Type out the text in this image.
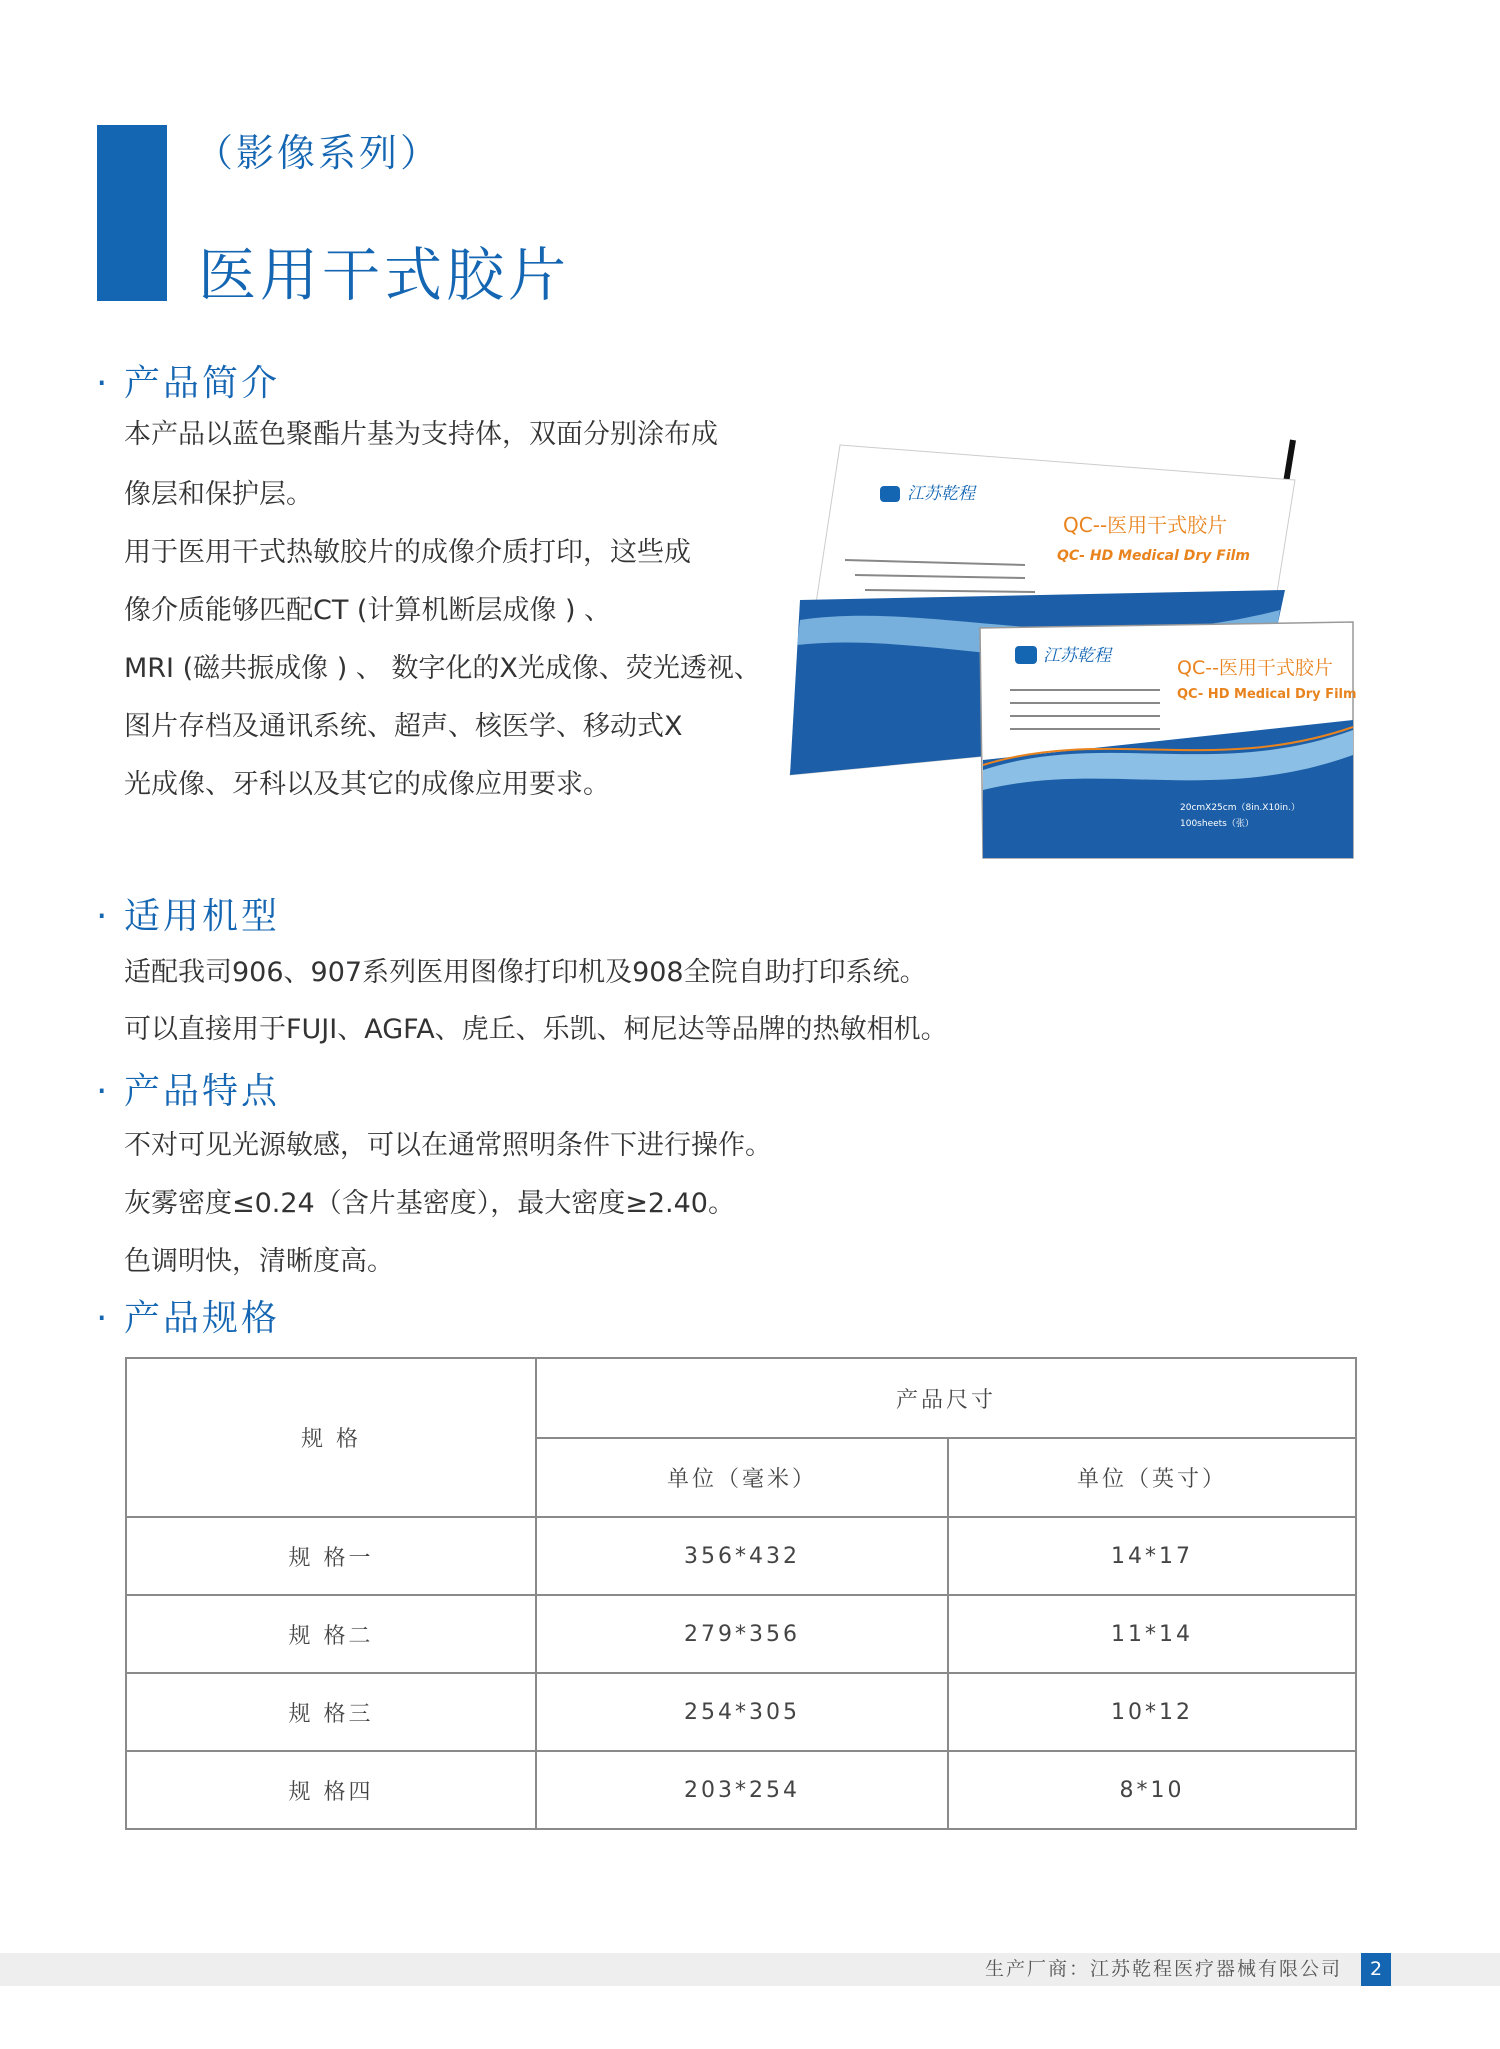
（影像系列）
医用干式胶片
· 产品简介
本产品以蓝色聚酯片基为支持体，双面分别涂布成
像层和保护层。
用于医用干式热敏胶片的成像介质打印，这些成
像介质能够匹配CT (计算机断层成像 ) 、
MRI (磁共振成像 ) 、 数字化的X光成像、荧光透视、
图片存档及通讯系统、超声、核医学、移动式X
光成像、牙科以及其它的成像应用要求。
江苏乾程
QC--医用干式胶片
QC- HD Medical Dry Film
江苏乾程
QC--医用干式胶片
QC- HD Medical Dry Film
20cmX25cm（8in.X10in.）
100sheets（张）
· 适用机型
适配我司906、907系列医用图像打印机及908全院自助打印系统。
可以直接用于FUJI、AGFA、虎丘、乐凯、柯尼达等品牌的热敏相机。
· 产品特点
不对可见光源敏感，可以在通常照明条件下进行操作。
灰雾密度≤0.24（含片基密度），最大密度≥2.40。
色调明快，清晰度高。
· 产品规格
规 格
产品尺寸
单位（毫米）	单位（英寸）
规 格一	356*432	14*17
规 格二	279*356	11*14
规 格三	254*305	10*12
规 格四	203*254	8*10
生产厂商：江苏乾程医疗器械有限公司	2
